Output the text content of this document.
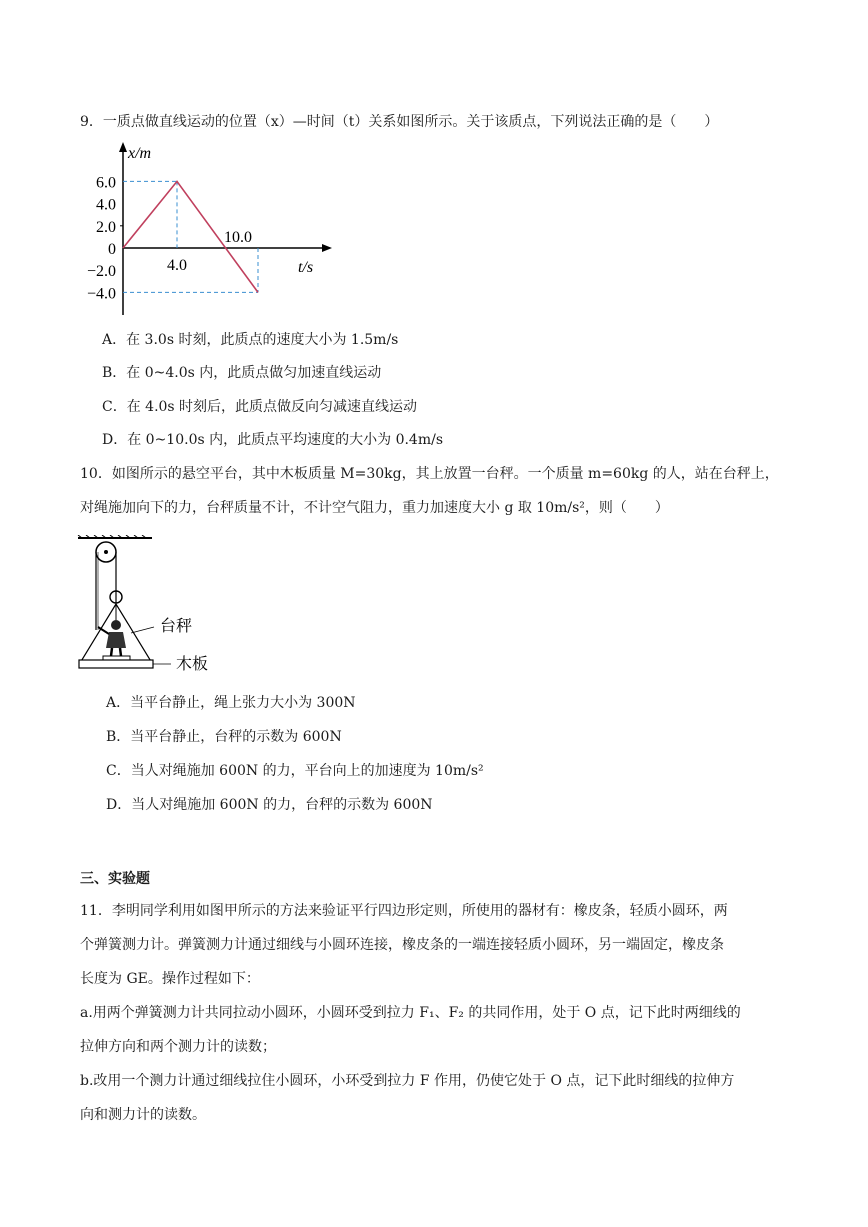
9．一质点做直线运动的位置（x）—时间（t）关系如图所示。关于该质点，下列说法正确的是（　　）
x/m
t/s
6.0
4.0
2.0
0
−2.0
−4.0
4.0
10.0
A．在 3.0s 时刻，此质点的速度大小为 1.5m/s
B．在 0~4.0s 内，此质点做匀加速直线运动
C．在 4.0s 时刻后，此质点做反向匀减速直线运动
D．在 0~10.0s 内，此质点平均速度的大小为 0.4m/s
10．如图所示的悬空平台，其中木板质量 M=30kg，其上放置一台秤。一个质量 m=60kg 的人，站在台秤上，
对绳施加向下的力，台秤质量不计，不计空气阻力，重力加速度大小 g 取 10m/s²，则（　　）
台秤
木板
A．当平台静止，绳上张力大小为 300N
B．当平台静止，台秤的示数为 600N
C．当人对绳施加 600N 的力，平台向上的加速度为 10m/s²
D．当人对绳施加 600N 的力，台秤的示数为 600N
三、实验题
11．李明同学利用如图甲所示的方法来验证平行四边形定则，所使用的器材有：橡皮条，轻质小圆环，两
个弹簧测力计。弹簧测力计通过细线与小圆环连接，橡皮条的一端连接轻质小圆环，另一端固定，橡皮条
长度为 GE。操作过程如下：
a.用两个弹簧测力计共同拉动小圆环，小圆环受到拉力 F₁、F₂ 的共同作用，处于 O 点，记下此时两细线的
拉伸方向和两个测力计的读数；
b.改用一个测力计通过细线拉住小圆环，小环受到拉力 F 作用，仍使它处于 O 点，记下此时细线的拉伸方
向和测力计的读数。
